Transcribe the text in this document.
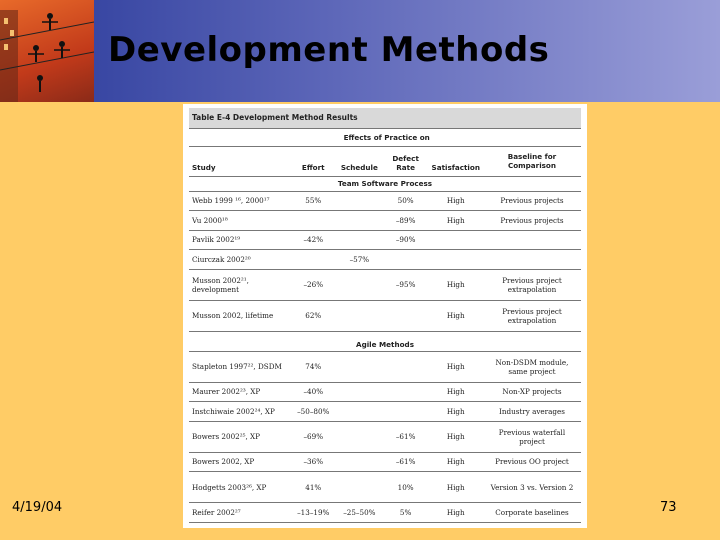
Development Methods
Table E-4 Development Method Results					
	Effects of Practice on				
Study	Effort	Schedule	Defect Rate	Satisfaction	Baseline for Comparison
Team Software Process					
Webb 1999 ¹⁶, 2000¹⁷	55%		50%	High	Previous projects
Vu 2000¹⁸			–89%	High	Previous projects
Pavlik 2002¹⁹	–42%		–90%		
Ciurczak 2002²⁰		–57%			
Musson 2002²¹, development	–26%		–95%	High	Previous project extrapolation
Musson 2002, lifetime	62%			High	Previous project extrapolation
Agile Methods					
Stapleton 1997²², DSDM	74%			High	Non-DSDM module, same project
Maurer 2002²³, XP	–40%			High	Non-XP projects
Instchiwaie 2002²⁴, XP	–50–80%			High	Industry averages
Bowers 2002²⁵, XP	–69%		–61%	High	Previous waterfall project
Bowers 2002, XP	–36%		–61%	High	Previous OO project
Hodgetts 2003²⁶, XP	41%		10%	High	Version 3 vs. Version 2
Reifer 2002²⁷	–13–19%	–25–50%	5%	High	Corporate baselines
4/19/04	73
